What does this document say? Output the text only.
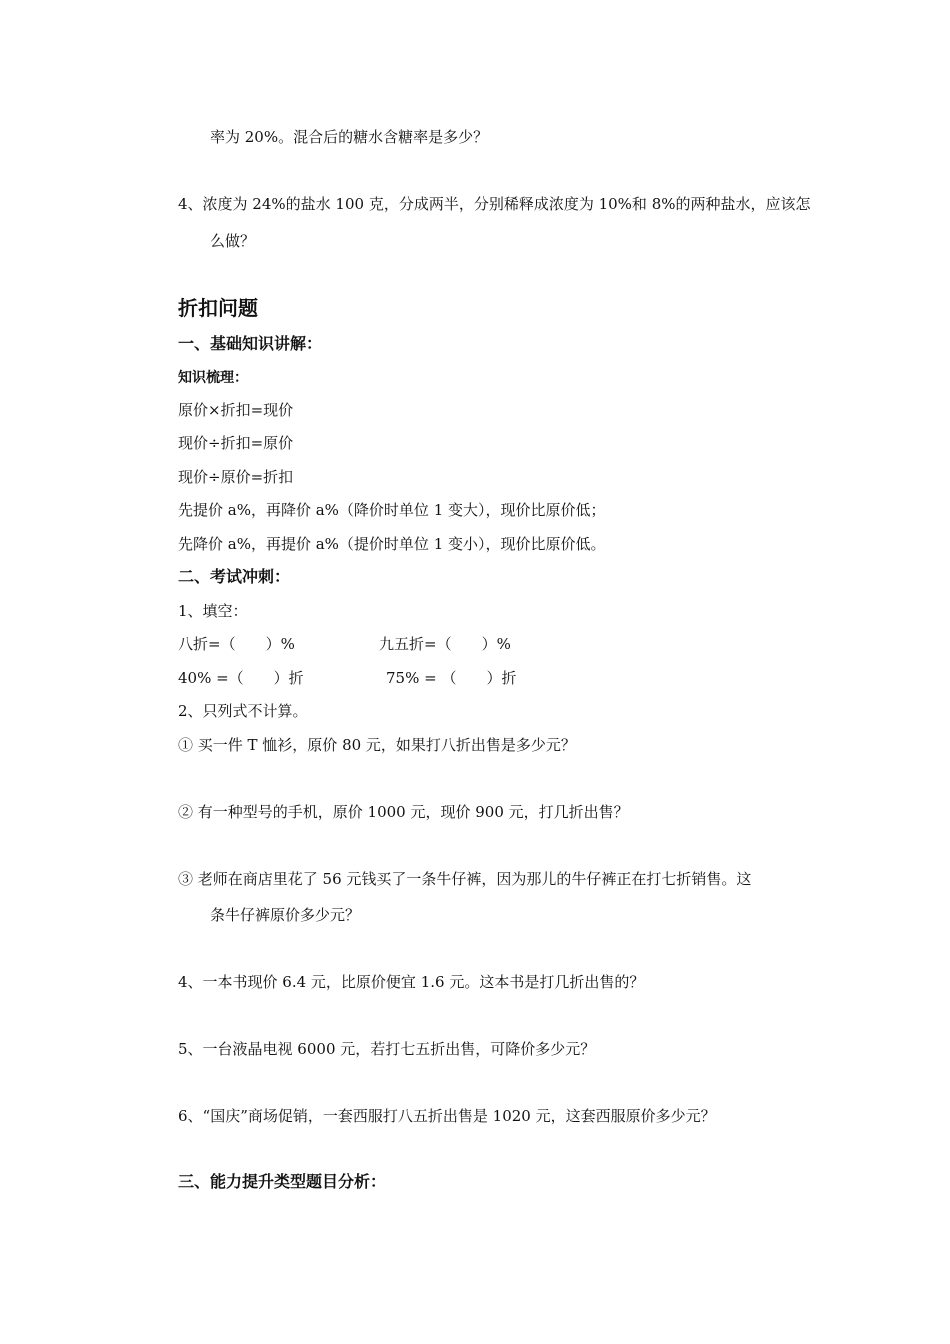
率为 20%。混合后的糖水含糖率是多少？
4、浓度为 24%的盐水 100 克，分成两半，分别稀释成浓度为 10%和 8%的两种盐水，应该怎
么做？
折扣问题
一、基础知识讲解：
知识梳理：
原价×折扣=现价
现价÷折扣=原价
现价÷原价=折扣
先提价 a%，再降价 a%（降价时单位 1 变大），现价比原价低；
先降价 a%，再提价 a%（提价时单位 1 变小），现价比原价低。
二、考试冲刺：
1、填空：
八折=（　　）%	九五折=（　　）%
40% =（　　）折	75% = （　　）折
2、只列式不计算。
① 买一件 T 恤衫，原价 80 元，如果打八折出售是多少元？
② 有一种型号的手机，原价 1000 元，现价 900 元，打几折出售？
③ 老师在商店里花了 56 元钱买了一条牛仔裤，因为那儿的牛仔裤正在打七折销售。这
条牛仔裤原价多少元？
4、一本书现价 6.4 元，比原价便宜 1.6 元。这本书是打几折出售的？
5、一台液晶电视 6000 元，若打七五折出售，可降价多少元？
6、“国庆”商场促销，一套西服打八五折出售是 1020 元，这套西服原价多少元？
三、能力提升类型题目分析：
